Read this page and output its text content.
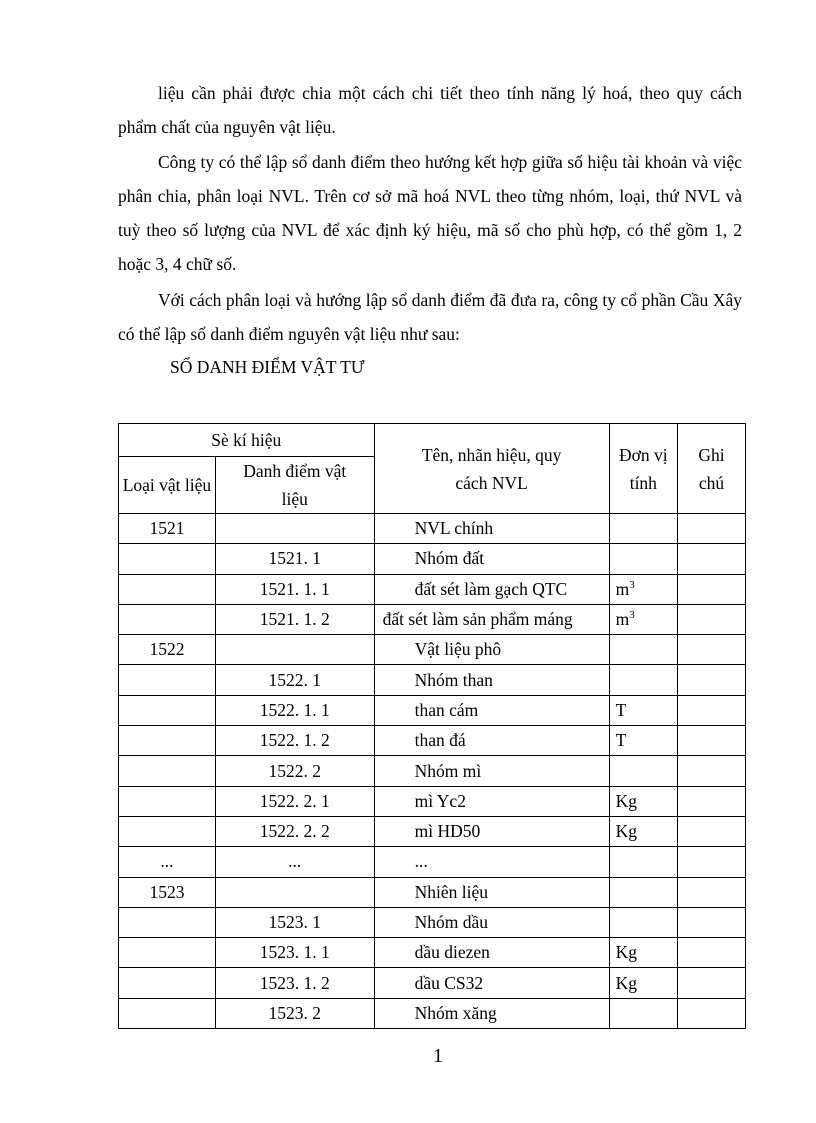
liệu cần phải được chia một cách chi tiết theo tính năng lý hoá, theo quy cách phẩm chất của nguyên vật liệu.

Công ty có thể lập sổ danh điểm theo hướng kết hợp giữa số hiệu tài khoản và việc phân chia, phân loại NVL. Trên cơ sở mã hoá NVL theo từng nhóm, loại, thứ NVL và tuỳ theo số lượng của NVL để xác định ký hiệu, mã số cho phù hợp, có thể gồm 1, 2 hoặc 3, 4 chữ số.

Với cách phân loại và hướng lập sổ danh điểm đã đưa ra, công ty cổ phần Cầu Xây có thể lập sổ danh điểm nguyên vật liệu như sau:

SỔ DANH ĐIỂM VẬT TƯ

Sè kí hiệu		Tên, nhãn hiệu, quy cách NVL	Đơn vị tính	Ghi chú
Loại vật liệu	Danh điểm vật liệu			
1521		NVL chính		
	1521. 1	Nhóm đất		
	1521. 1. 1	đất sét làm gạch QTC	$m^3$	
	1521. 1. 2	đất sét làm sản phẩm máng	$m^3$	
1522		Vật liệu phô		
	1522. 1	Nhóm than		
	1522. 1. 1	than cám	T	
	1522. 1. 2	than đá	T	
	1522. 2	Nhóm mì		
	1522. 2. 1	mì Yc2	Kg	
	1522. 2. 2	mì HD50	Kg	
...	...	...		
1523		Nhiên liệu		
	1523. 1	Nhóm dầu		
	1523. 1. 1	dầu diezen	Kg	
	1523. 1. 2	dầu CS32	Kg	
	1523. 2	Nhóm xăng		
1
